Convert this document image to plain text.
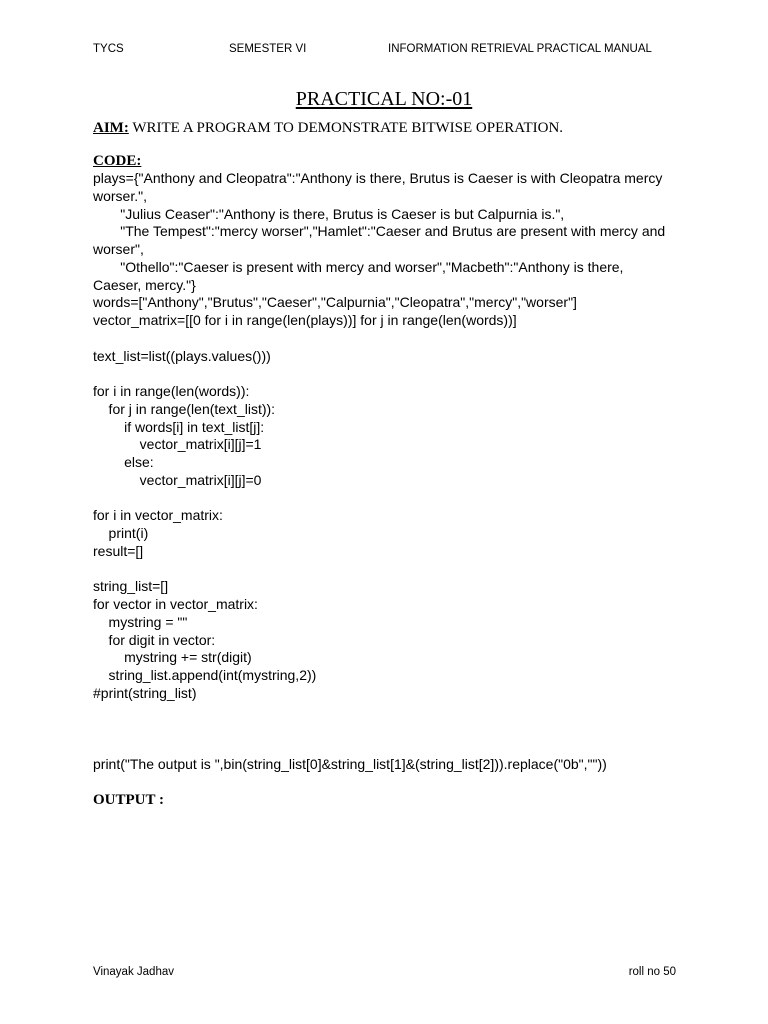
TYCS	SEMESTER VI	INFORMATION RETRIEVAL PRACTICAL MANUAL
PRACTICAL NO:-01
AIM: WRITE A PROGRAM TO DEMONSTRATE BITWISE OPERATION.
CODE:
plays={"Anthony and Cleopatra":"Anthony is there, Brutus is Caeser is with Cleopatra mercy
worser.",
"Julius Ceaser":"Anthony is there, Brutus is Caeser is but Calpurnia is.",
"The Tempest":"mercy worser","Hamlet":"Caeser and Brutus are present with mercy and
worser",
"Othello":"Caeser is present with mercy and worser","Macbeth":"Anthony is there,
Caeser, mercy."}
words=["Anthony","Brutus","Caeser","Calpurnia","Cleopatra","mercy","worser"]
vector_matrix=[[0 for i in range(len(plays))] for j in range(len(words))]
text_list=list((plays.values()))
for i in range(len(words)):
for j in range(len(text_list)):
if words[i] in text_list[j]:
vector_matrix[i][j]=1
else:
vector_matrix[i][j]=0
for i in vector_matrix:
print(i)
result=[]
string_list=[]
for vector in vector_matrix:
mystring = ""
for digit in vector:
mystring += str(digit)
string_list.append(int(mystring,2))
#print(string_list)
print("The output is ",bin(string_list[0]&string_list[1]&(string_list[2])).replace("0b",""))
OUTPUT :
Vinayak Jadhav	roll no 50
